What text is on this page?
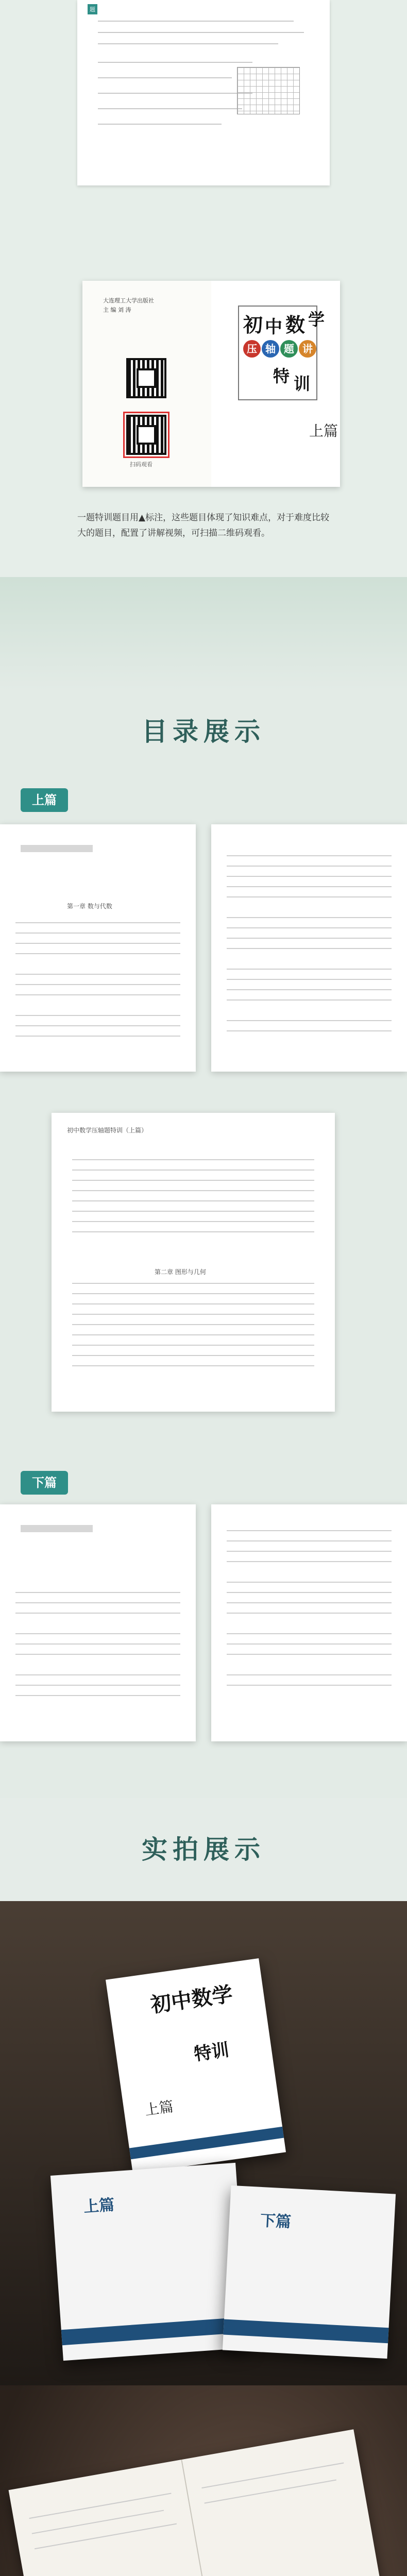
题
大连理工大学出版社
主 编 刘 涛
扫码观看
初 中 数 学
压 轴 题 讲
特 训
上篇
一题特训题目用▲标注，这些题目体现了知识难点，对于难度比较大的题目，配置了讲解视频，可扫描二维码观看。
目录展示
上篇
第一章 数与代数
初中数学压轴题特训（上篇）
第二章 图形与几何
下篇
实拍展示
初中数学
特训
上篇
上篇
下篇
